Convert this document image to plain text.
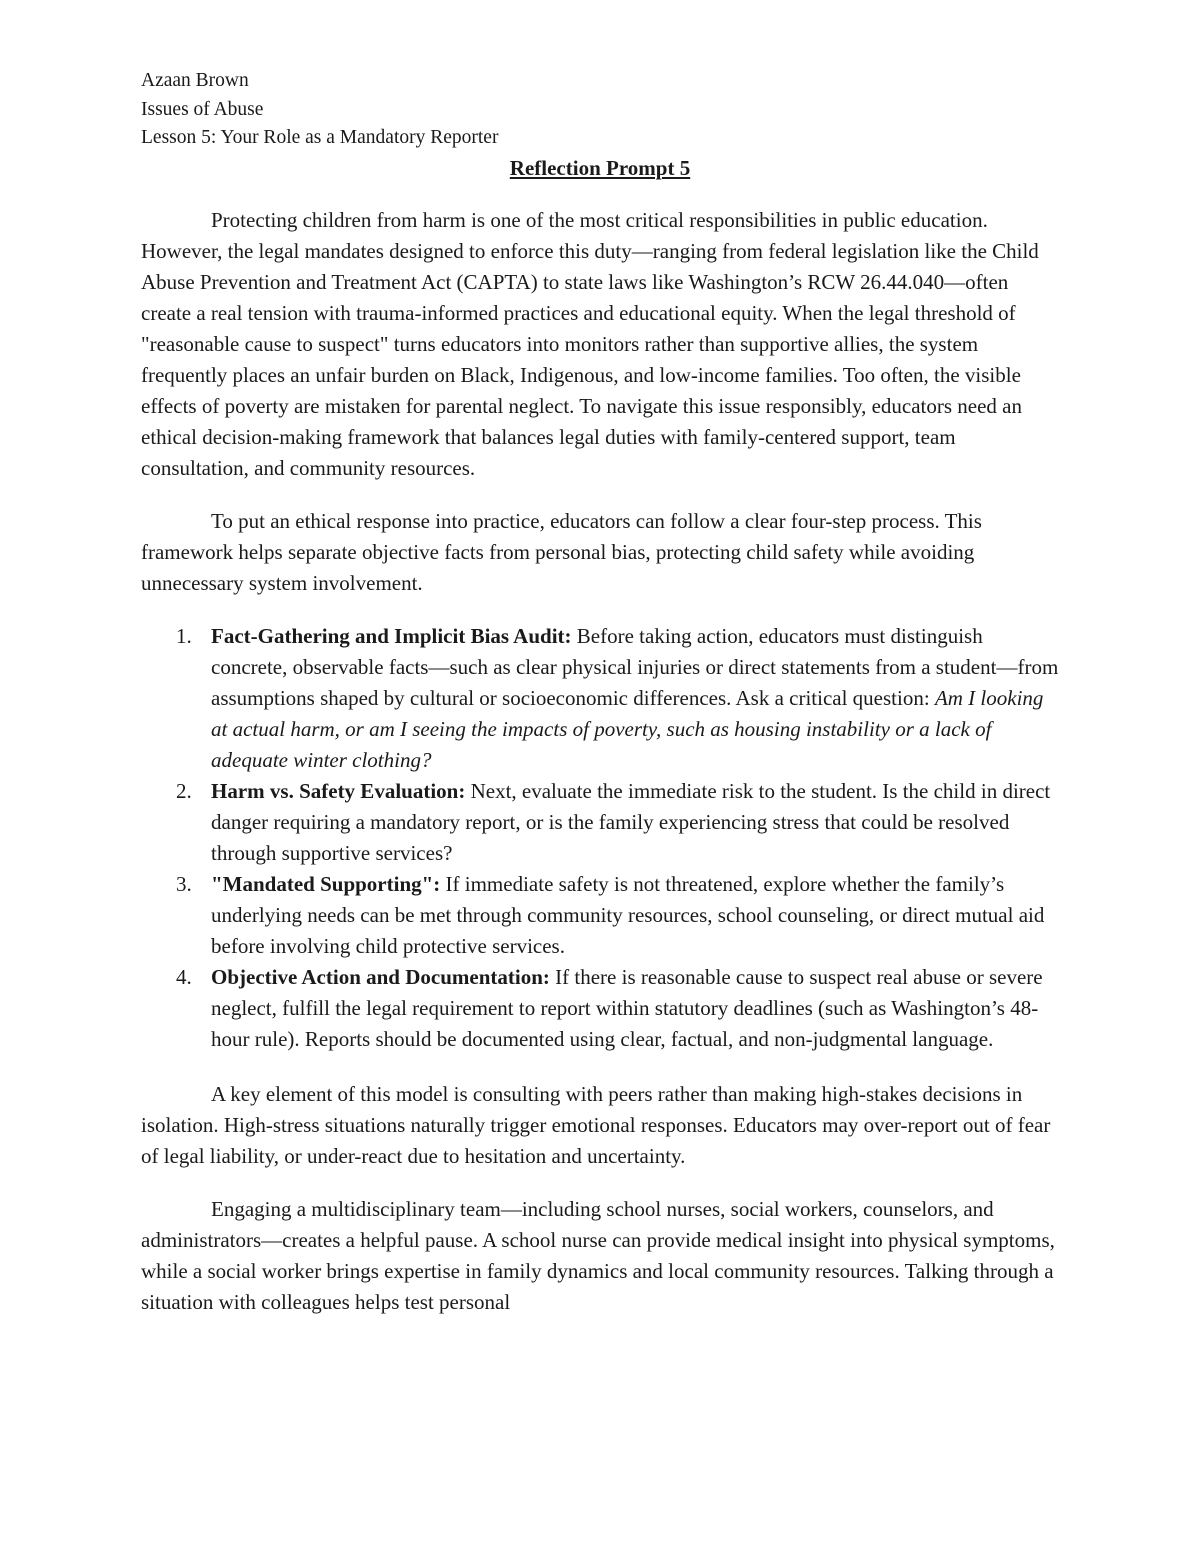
Azaan Brown

Issues of Abuse

Lesson 5: Your Role as a Mandatory Reporter

Reflection Prompt 5

Protecting children from harm is one of the most critical responsibilities in public education. However, the legal mandates designed to enforce this duty—ranging from federal legislation like the Child Abuse Prevention and Treatment Act (CAPTA) to state laws like Washington’s RCW 26.44.040—often create a real tension with trauma-informed practices and educational equity. When the legal threshold of "reasonable cause to suspect" turns educators into monitors rather than supportive allies, the system frequently places an unfair burden on Black, Indigenous, and low-income families. Too often, the visible effects of poverty are mistaken for parental neglect. To navigate this issue responsibly, educators need an ethical decision-making framework that balances legal duties with family-centered support, team consultation, and community resources.

To put an ethical response into practice, educators can follow a clear four-step process. This framework helps separate objective facts from personal bias, protecting child safety while avoiding unnecessary system involvement.

1. Fact-Gathering and Implicit Bias Audit: Before taking action, educators must distinguish concrete, observable facts—such as clear physical injuries or direct statements from a student—from assumptions shaped by cultural or socioeconomic differences. Ask a critical question: Am I looking at actual harm, or am I seeing the impacts of poverty, such as housing instability or a lack of adequate winter clothing?
2. Harm vs. Safety Evaluation: Next, evaluate the immediate risk to the student. Is the child in direct danger requiring a mandatory report, or is the family experiencing stress that could be resolved through supportive services?
3. "Mandated Supporting": If immediate safety is not threatened, explore whether the family’s underlying needs can be met through community resources, school counseling, or direct mutual aid before involving child protective services.
4. Objective Action and Documentation: If there is reasonable cause to suspect real abuse or severe neglect, fulfill the legal requirement to report within statutory deadlines (such as Washington’s 48-hour rule). Reports should be documented using clear, factual, and non-judgmental language.

A key element of this model is consulting with peers rather than making high-stakes decisions in isolation. High-stress situations naturally trigger emotional responses. Educators may over-report out of fear of legal liability, or under-react due to hesitation and uncertainty.

Engaging a multidisciplinary team—including school nurses, social workers, counselors, and administrators—creates a helpful pause. A school nurse can provide medical insight into physical symptoms, while a social worker brings expertise in family dynamics and local community resources. Talking through a situation with colleagues helps test personal
